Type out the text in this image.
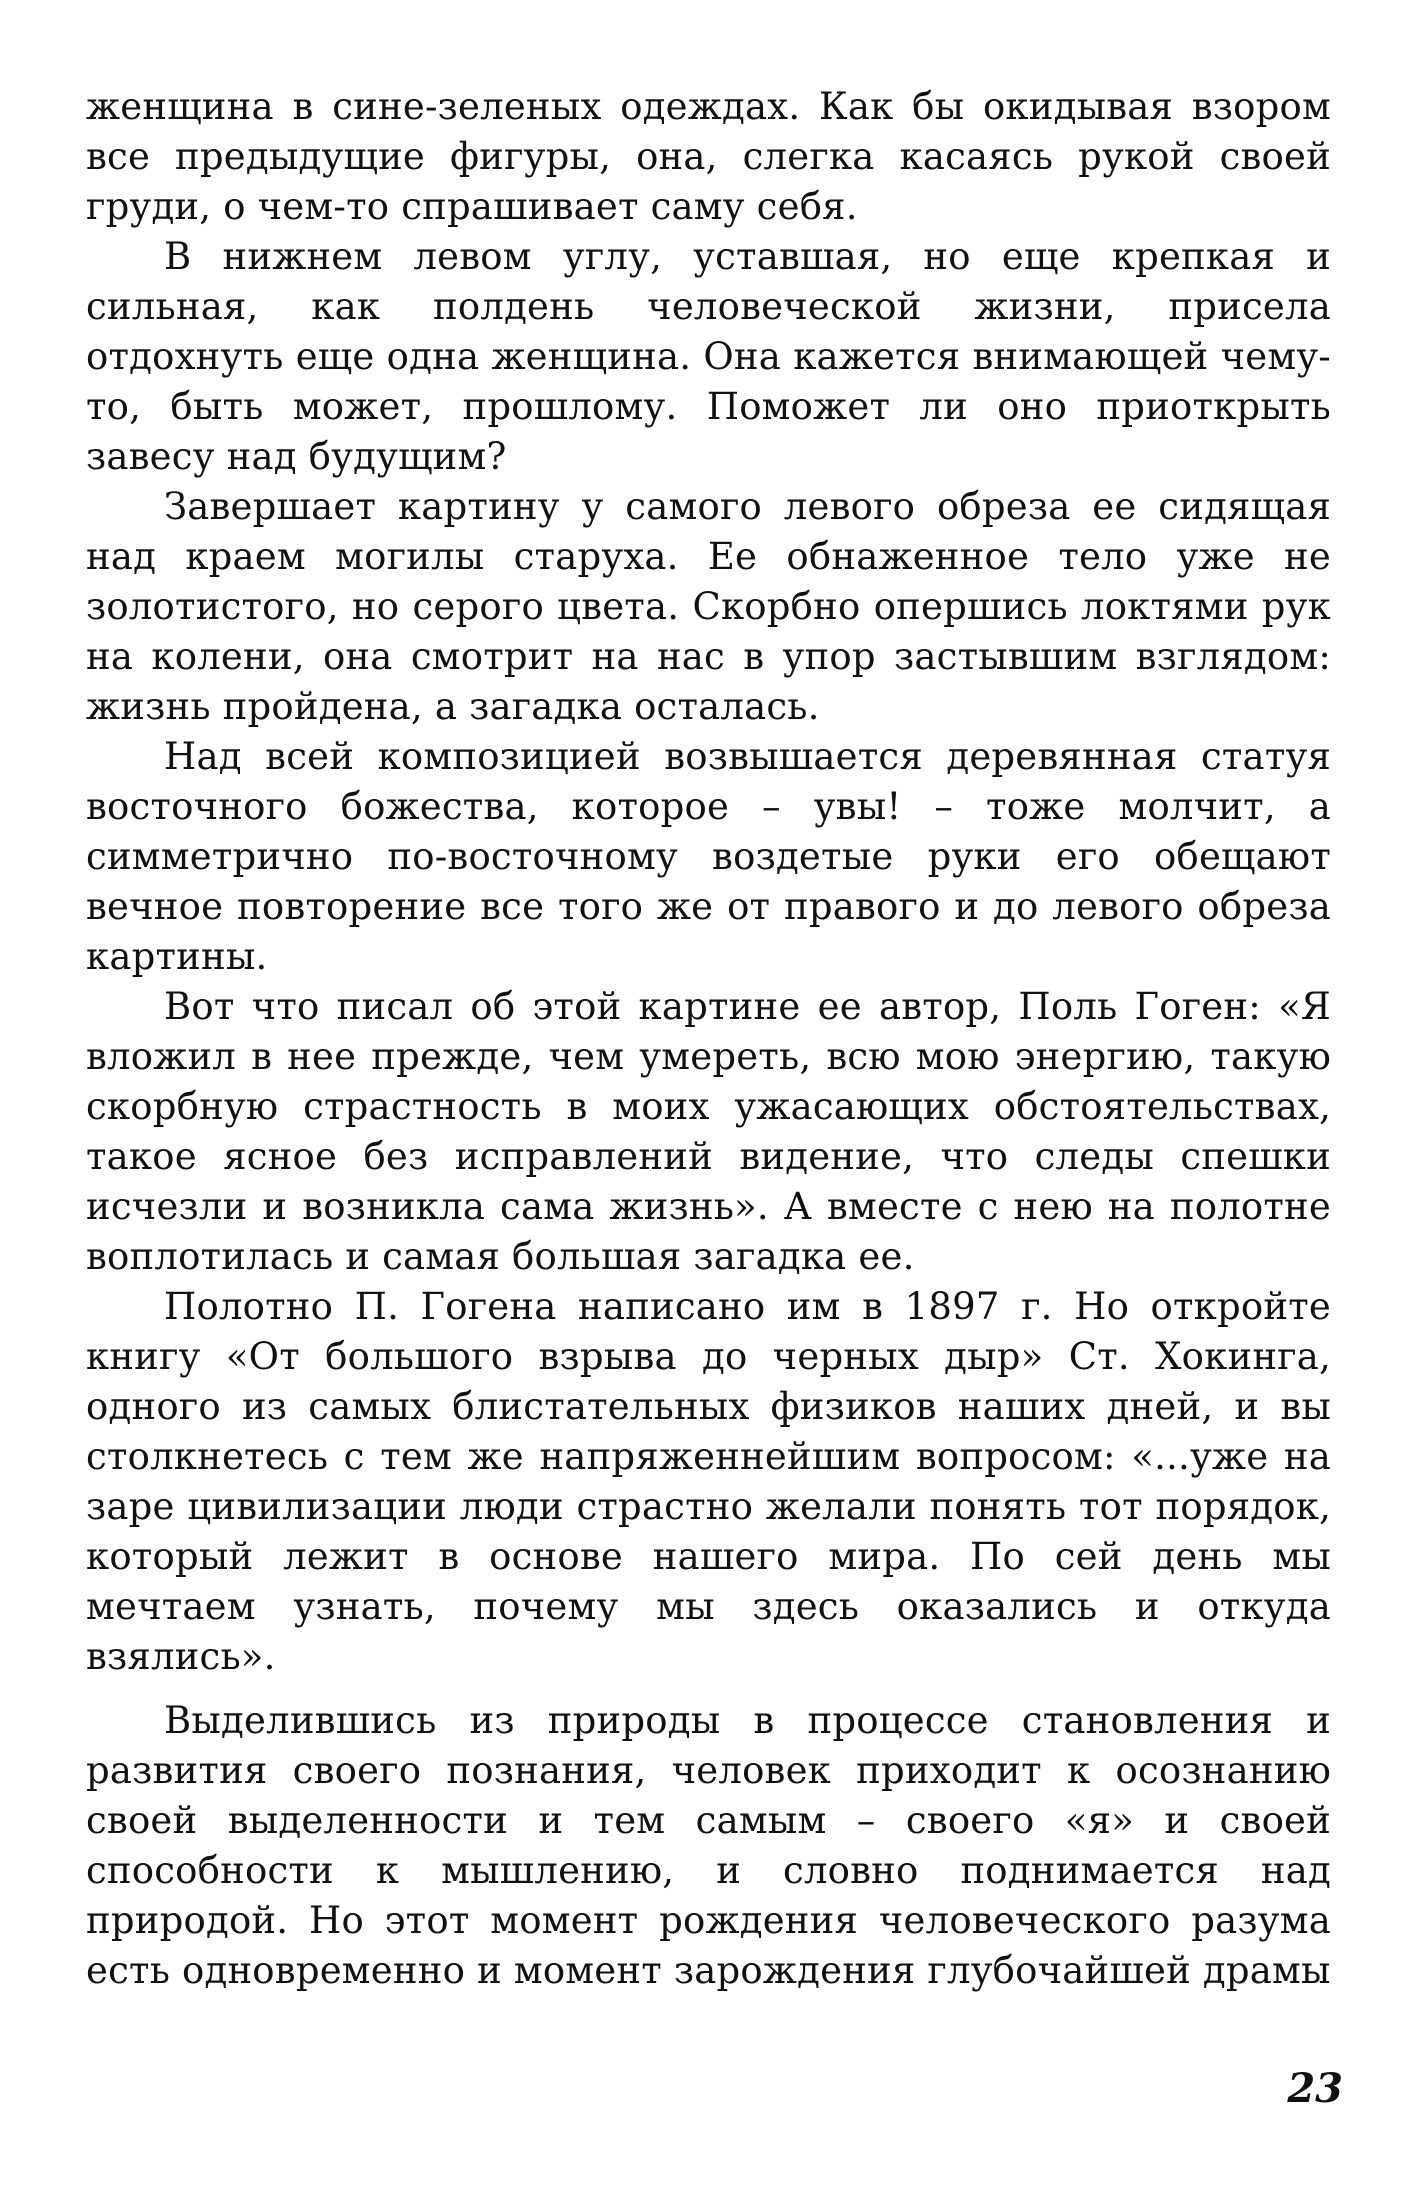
женщина в сине-зеленых одеждах. Как бы окидывая взором все предыдущие фигуры, она, слегка касаясь рукой своей груди, о чем-то спрашивает саму себя.

В нижнем левом углу, уставшая, но еще крепкая и сильная, как полдень человеческой жизни, присела отдохнуть еще одна женщина. Она кажется внимающей чему-то, быть может, прошлому. Поможет ли оно приоткрыть завесу над будущим?

Завершает картину у самого левого обреза ее сидящая над краем могилы старуха. Ее обнаженное тело уже не золотистого, но серого цвета. Скорбно опершись локтями рук на колени, она смотрит на нас в упор застывшим взглядом: жизнь пройдена, а загадка осталась.

Над всей композицией возвышается деревянная статуя восточного божества, которое – увы! – тоже молчит, а симметрично по-восточному воздетые руки его обещают вечное повторение все того же от правого и до левого обреза картины.

Вот что писал об этой картине ее автор, Поль Гоген: «Я вложил в нее прежде, чем умереть, всю мою энергию, такую скорбную страстность в моих ужасающих обстоятельствах, такое ясное без исправлений видение, что следы спешки исчезли и возникла сама жизнь». А вместе с нею на полотне воплотилась и самая большая загадка ее.

Полотно П. Гогена написано им в 1897 г. Но откройте книгу «От большого взрыва до черных дыр» Ст. Хокинга, одного из самых блистательных физиков наших дней, и вы столкнетесь с тем же напряженнейшим вопросом: «...уже на заре цивилизации люди страстно желали понять тот порядок, который лежит в основе нашего мира. По сей день мы мечтаем узнать, почему мы здесь оказались и откуда взялись».

Выделившись из природы в процессе становления и развития своего познания, человек приходит к осознанию своей выделенности и тем самым – своего «я» и своей способности к мышлению, и словно поднимается над природой. Но этот момент рождения человеческого разума есть одновременно и момент зарождения глубочайшей драмы

23
